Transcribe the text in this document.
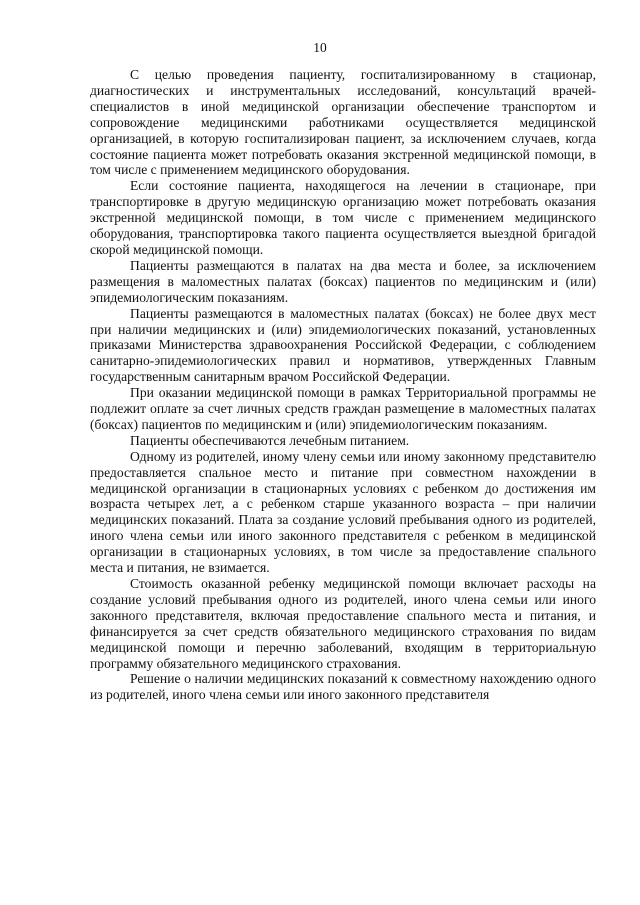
10

С целью проведения пациенту, госпитализированному в стационар, диагностических и инструментальных исследований, консультаций врачей-специалистов в иной медицинской организации обеспечение транспортом и сопровождение медицинскими работниками осуществляется медицинской организацией, в которую госпитализирован пациент, за исключением случаев, когда состояние пациента может потребовать оказания экстренной медицинской помощи, в том числе с применением медицинского оборудования.

Если состояние пациента, находящегося на лечении в стационаре, при транспортировке в другую медицинскую организацию может потребовать оказания экстренной медицинской помощи, в том числе с применением медицинского оборудования, транспортировка такого пациента осуществляется выездной бригадой скорой медицинской помощи.

Пациенты размещаются в палатах на два места и более, за исключением размещения в маломестных палатах (боксах) пациентов по медицинским и (или) эпидемиологическим показаниям.

Пациенты размещаются в маломестных палатах (боксах) не более двух мест при наличии медицинских и (или) эпидемиологических показаний, установленных приказами Министерства здравоохранения Российской Федерации, с соблюдением санитарно-эпидемиологических правил и нормативов, утвержденных Главным государственным санитарным врачом Российской Федерации.

При оказании медицинской помощи в рамках Территориальной программы не подлежит оплате за счет личных средств граждан размещение в маломестных палатах (боксах) пациентов по медицинским и (или) эпидемиологическим показаниям.

Пациенты обеспечиваются лечебным питанием.

Одному из родителей, иному члену семьи или иному законному представителю предоставляется спальное место и питание при совместном нахождении в медицинской организации в стационарных условиях с ребенком до достижения им возраста четырех лет, а с ребенком старше указанного возраста – при наличии медицинских показаний. Плата за создание условий пребывания одного из родителей, иного члена семьи или иного законного представителя с ребенком в медицинской организации в стационарных условиях, в том числе за предоставление спального места и питания, не взимается.

Стоимость оказанной ребенку медицинской помощи включает расходы на создание условий пребывания одного из родителей, иного члена семьи или иного законного представителя, включая предоставление спального места и питания, и финансируется за счет средств обязательного медицинского страхования по видам медицинской помощи и перечню заболеваний, входящим в территориальную программу обязательного медицинского страхования.

Решение о наличии медицинских показаний к совместному нахождению одного из родителей, иного члена семьи или иного законного представителя
